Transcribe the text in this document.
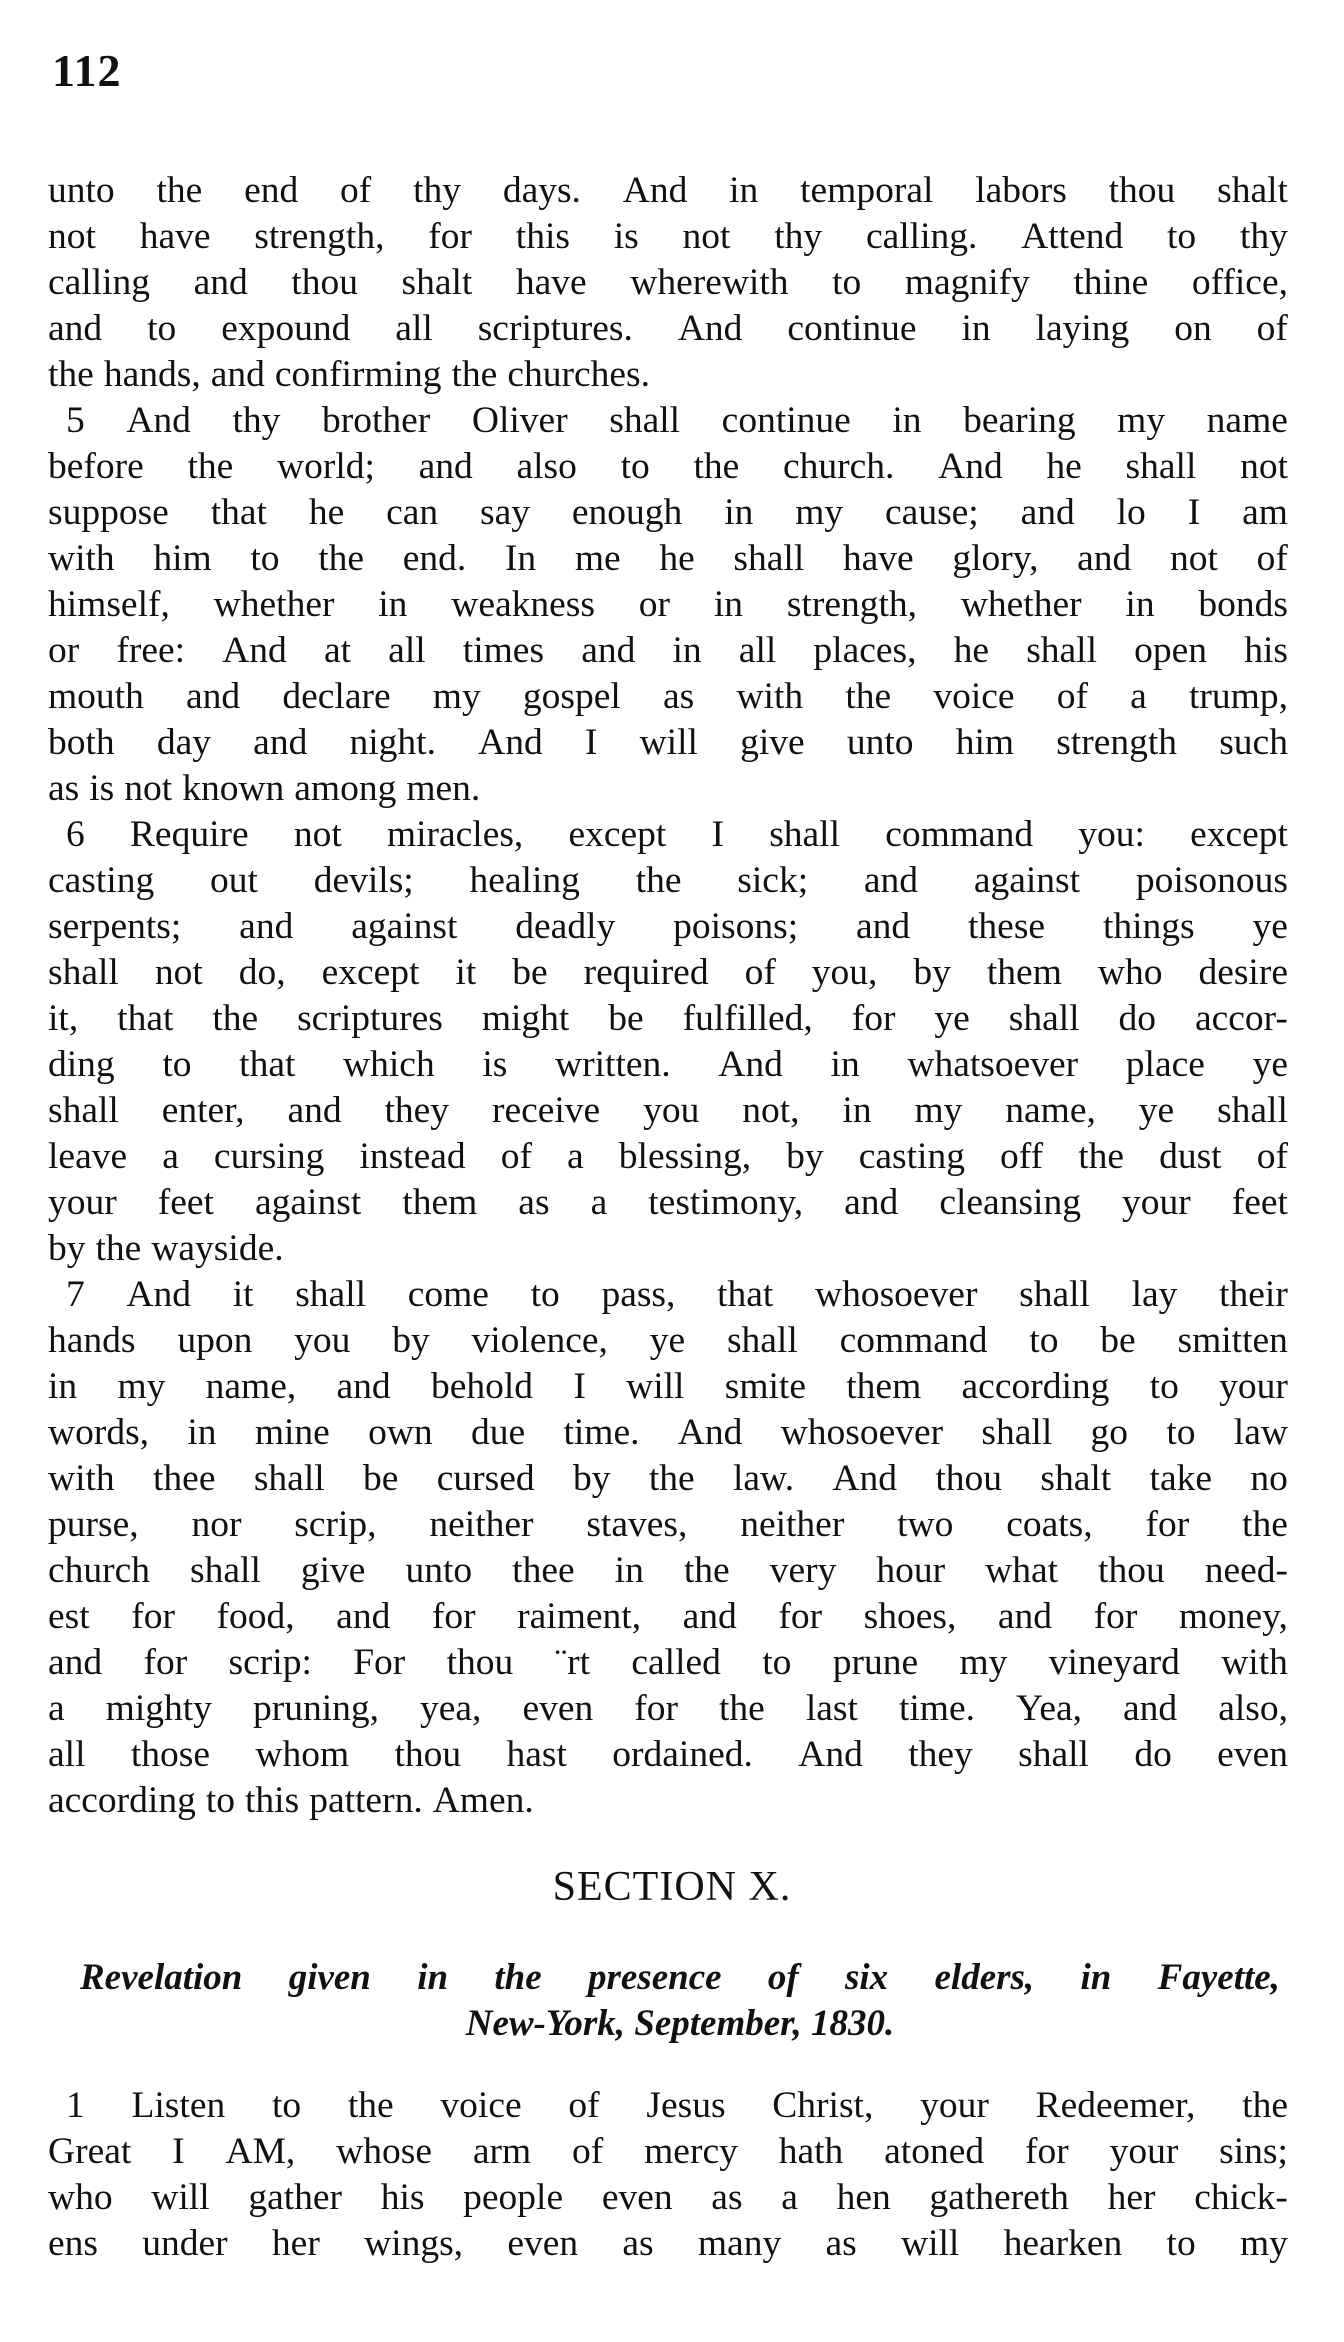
112
unto the end of thy days. And in temporal labors thou shalt
not have strength, for this is not thy calling. Attend to thy
calling and thou shalt have wherewith to magnify thine office,
and to expound all scriptures. And continue in laying on of
the hands, and confirming the churches.
5 And thy brother Oliver shall continue in bearing my name
before the world; and also to the church. And he shall not
suppose that he can say enough in my cause; and lo I am
with him to the end. In me he shall have glory, and not of
himself, whether in weakness or in strength, whether in bonds
or free: And at all times and in all places, he shall open his
mouth and declare my gospel as with the voice of a trump,
both day and night. And I will give unto him strength such
as is not known among men.
6 Require not miracles, except I shall command you: except
casting out devils; healing the sick; and against poisonous
serpents; and against deadly poisons; and these things ye
shall not do, except it be required of you, by them who desire
it, that the scriptures might be fulfilled, for ye shall do accor-
ding to that which is written. And in whatsoever place ye
shall enter, and they receive you not, in my name, ye shall
leave a cursing instead of a blessing, by casting off the dust of
your feet against them as a testimony, and cleansing your feet
by the wayside.
7 And it shall come to pass, that whosoever shall lay their
hands upon you by violence, ye shall command to be smitten
in my name, and behold I will smite them according to your
words, in mine own due time. And whosoever shall go to law
with thee shall be cursed by the law. And thou shalt take no
purse, nor scrip, neither staves, neither two coats, for the
church shall give unto thee in the very hour what thou need-
est for food, and for raiment, and for shoes, and for money,
and for scrip: For thou ¨rt called to prune my vineyard with
a mighty pruning, yea, even for the last time. Yea, and also,
all those whom thou hast ordained. And they shall do even
according to this pattern. Amen.
SECTION X.
Revelation given in the presence of six elders, in Fayette,
New-York, September, 1830.
1 Listen to the voice of Jesus Christ, your Redeemer, the
Great I AM, whose arm of mercy hath atoned for your sins;
who will gather his people even as a hen gathereth her chick-
ens under her wings, even as many as will hearken to my
